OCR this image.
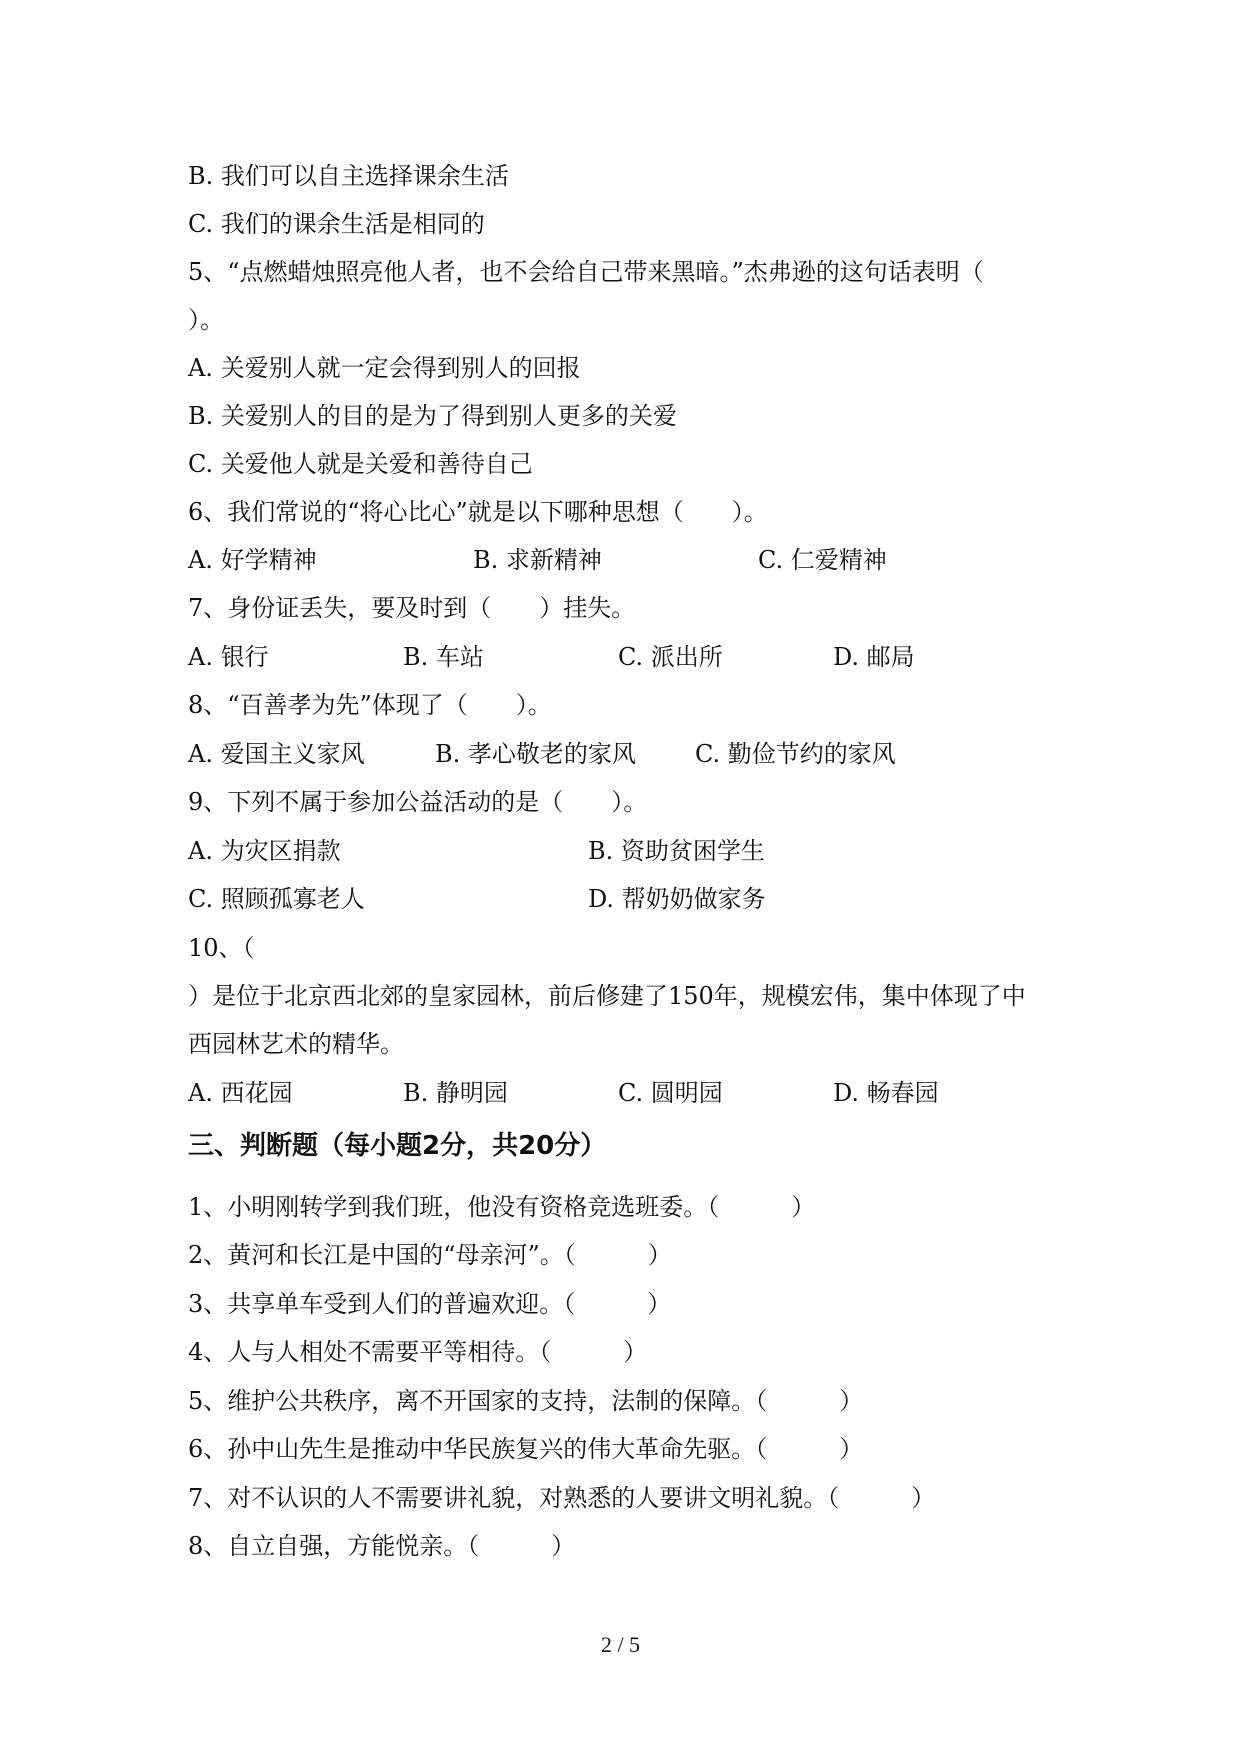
B. 我们可以自主选择课余生活
C. 我们的课余生活是相同的
5、“点燃蜡烛照亮他人者，也不会给自己带来黑暗。”杰弗逊的这句话表明（
）。
A. 关爱别人就一定会得到别人的回报
B. 关爱别人的目的是为了得到别人更多的关爱
C. 关爱他人就是关爱和善待自己
6、我们常说的“将心比心”就是以下哪种思想（　　）。
A. 好学精神	B. 求新精神	C. 仁爱精神
7、身份证丢失，要及时到（　　）挂失。
A. 银行	B. 车站	C. 派出所	D. 邮局
8、“百善孝为先”体现了（　　）。
A. 爱国主义家风	B. 孝心敬老的家风 C. 勤俭节约的家风
9、下列不属于参加公益活动的是（　　）。
A. 为灾区捐款	B. 资助贫困学生
C. 照顾孤寡老人	D. 帮奶奶做家务
10、（
）是位于北京西北郊的皇家园林，前后修建了150年，规模宏伟，集中体现了中
西园林艺术的精华。
A. 西花园	B. 静明园	C. 圆明园	D. 畅春园
三、判断题（每小题2分，共20分）
1、小明刚转学到我们班，他没有资格竞选班委。（　　　）
2、黄河和长江是中国的“母亲河”。（　　　）
3、共享单车受到人们的普遍欢迎。（　　　）
4、人与人相处不需要平等相待。（　　　）
5、维护公共秩序，离不开国家的支持，法制的保障。（　　　）
6、孙中山先生是推动中华民族复兴的伟大革命先驱。（　　　）
7、对不认识的人不需要讲礼貌，对熟悉的人要讲文明礼貌。（　　　）
8、自立自强，方能悦亲。（　　　）
2 / 5
